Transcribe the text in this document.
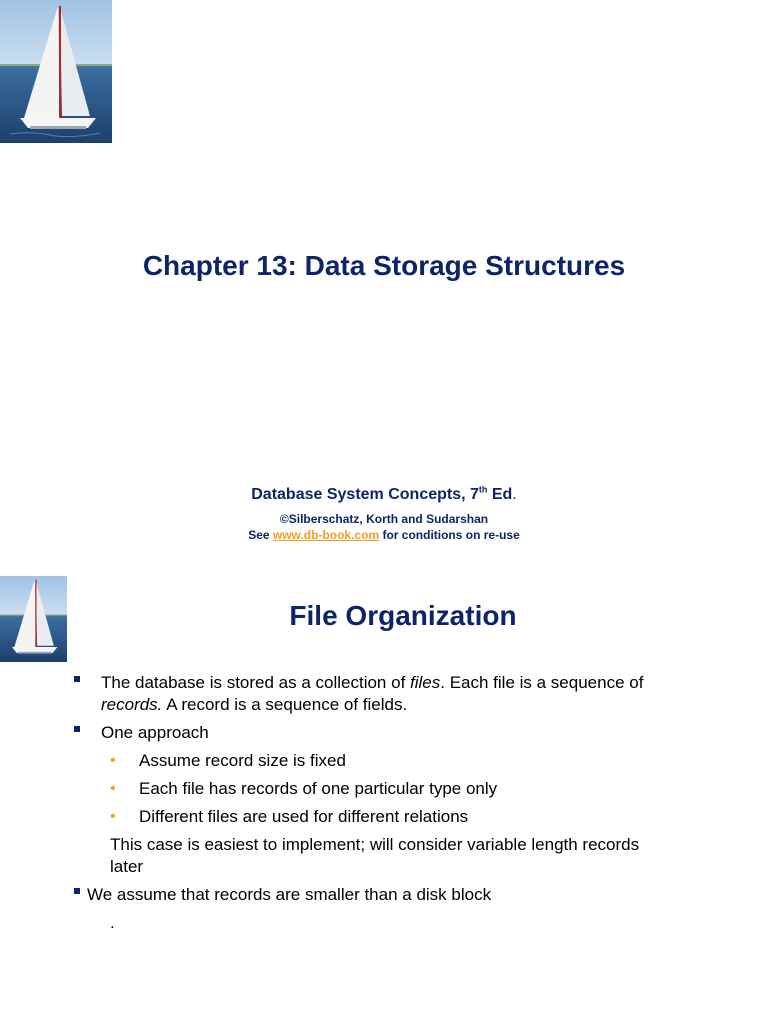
Chapter 13: Data Storage Structures
Database System Concepts, 7th Ed.
©Silberschatz, Korth and Sudarshan
See www.db-book.com for conditions on re-use
File Organization
The database is stored as a collection of files. Each file is a sequence of
records. A record is a sequence of fields.
One approach
• Assume record size is fixed
• Each file has records of one particular type only
• Different files are used for different relations
This case is easiest to implement; will consider variable length records
later
We assume that records are smaller than a disk block
.
